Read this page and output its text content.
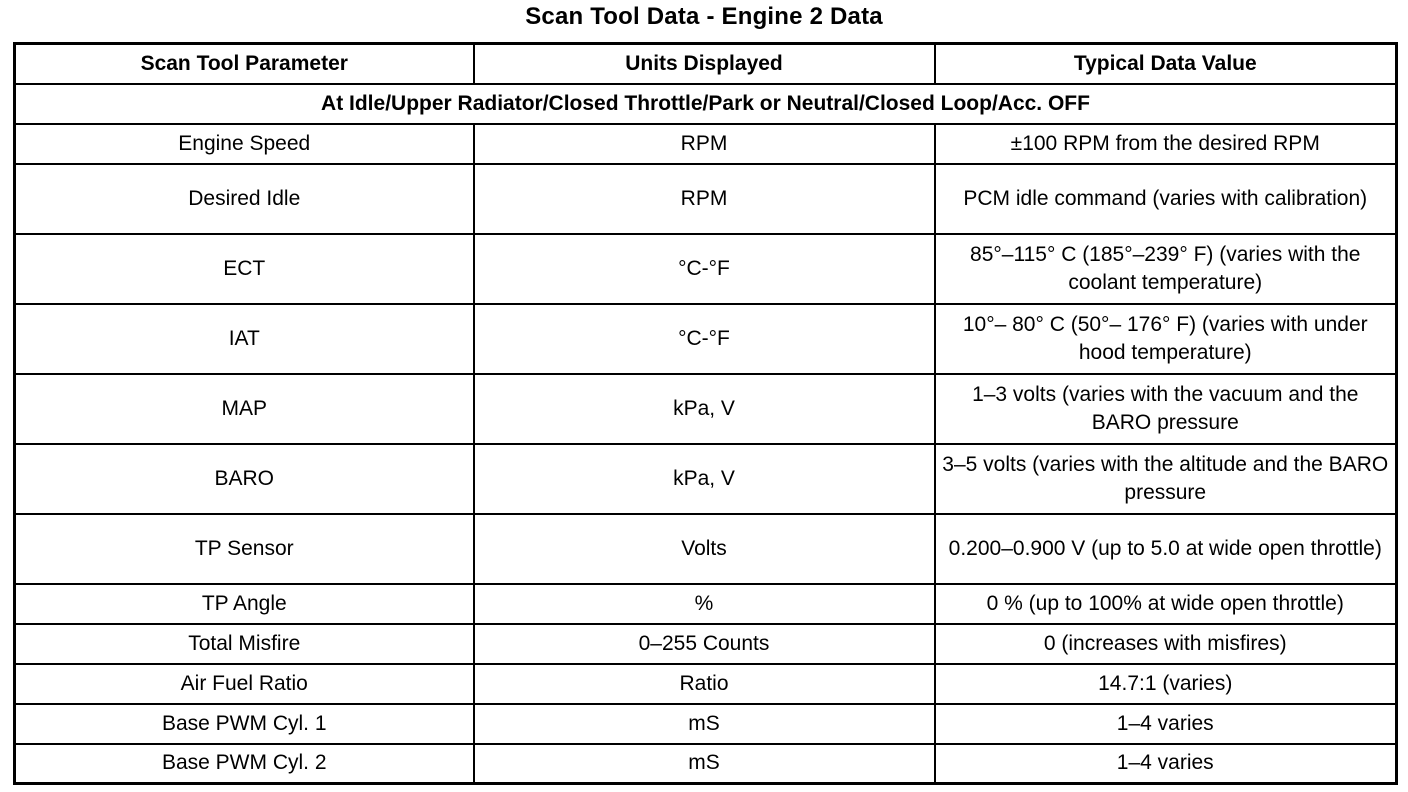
Scan Tool Data - Engine 2 Data
Scan Tool Parameter	Units Displayed	Typical Data Value
At Idle/Upper Radiator/Closed Throttle/Park or Neutral/Closed Loop/Acc. OFF		
Engine Speed	RPM	±100 RPM from the desired RPM
Desired Idle	RPM	PCM idle command (varies with calibration)
ECT	°C-°F	85°–115° C (185°–239° F) (varies with the coolant temperature)
IAT	°C-°F	10°– 80° C (50°– 176° F) (varies with under hood temperature)
MAP	kPa, V	1–3 volts (varies with the vacuum and the BARO pressure
BARO	kPa, V	3–5 volts (varies with the altitude and the BARO pressure
TP Sensor	Volts	0.200–0.900 V (up to 5.0 at wide open throttle)
TP Angle	%	0 % (up to 100% at wide open throttle)
Total Misfire	0–255 Counts	0 (increases with misfires)
Air Fuel Ratio	Ratio	14.7:1 (varies)
Base PWM Cyl. 1	mS	1–4 varies
Base PWM Cyl. 2	mS	1–4 varies
